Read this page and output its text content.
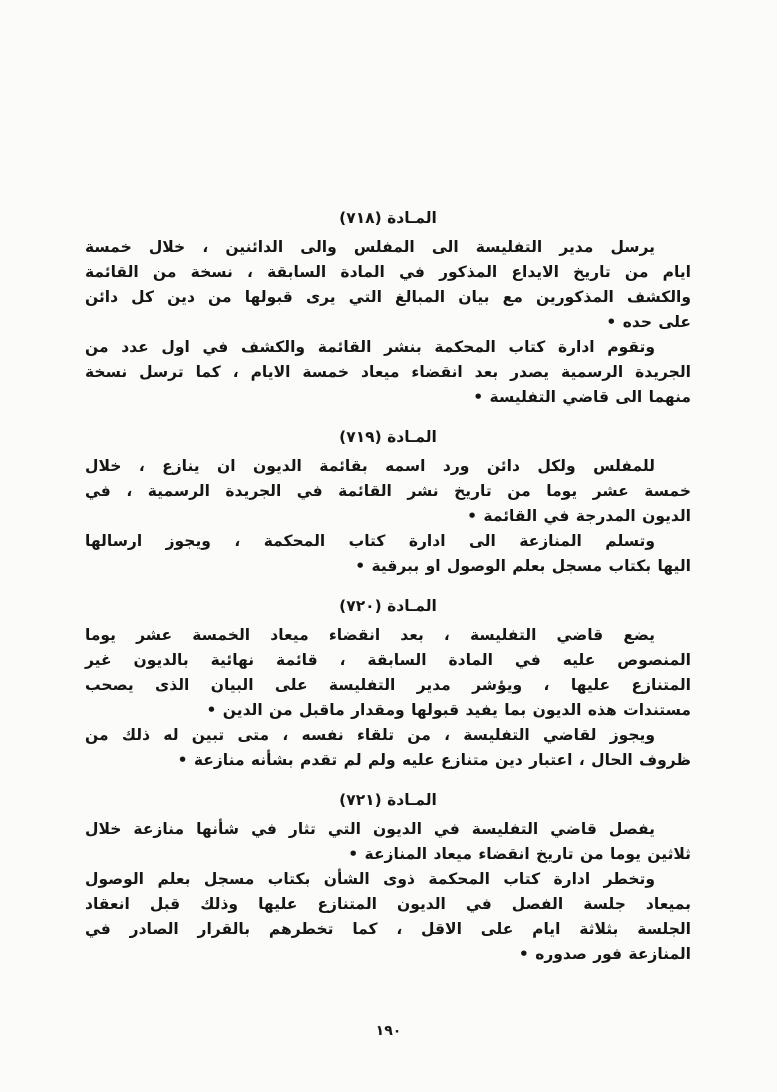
المـادة (٧١٨)
يرسل مدير التفليسة الى المفلس والى الدائنين ، خلال خمسة
ايام من تاريخ الايداع المذكور في المادة السابقة ، نسخة من القائمة
والكشف المذكورين مع بيان المبالغ التي يرى قبولها من دين كل دائن
على حده •
وتقوم ادارة كتاب المحكمة بنشر القائمة والكشف في اول عدد من
الجريدة الرسمية يصدر بعد انقضاء ميعاد خمسة الايام ، كما ترسل نسخة
منهما الى قاضي التفليسة •
المـادة (٧١٩)
للمفلس ولكل دائن ورد اسمه بقائمة الديون ان ينازع ، خلال
خمسة عشر يوما من تاريخ نشر القائمة في الجريدة الرسمية ، في
الديون المدرجة في القائمة •
وتسلم المنازعة الى ادارة كتاب المحكمة ، ويجوز ارسالها
اليها بكتاب مسجل بعلم الوصول او ببرقية •
المـادة (٧٢٠)
يضع قاضي التفليسة ، بعد انقضاء ميعاد الخمسة عشر يوما
المنصوص عليه في المادة السابقة ، قائمة نهائية بالديون غير
المتنازع عليها ، ويؤشر مدير التفليسة على البيان الذى يصحب
مستندات هذه الديون بما يفيد قبولها ومقدار ماقبل من الدين •
ويجوز لقاضي التفليسة ، من تلقاء نفسه ، متى تبين له ذلك من
ظروف الحال ، اعتبار دين متنازع عليه ولم لم تقدم بشأنه منازعة •
المـادة (٧٢١)
يفصل قاضي التفليسة في الديون التي تثار في شأنها منازعة خلال
ثلاثين يوما من تاريخ انقضاء ميعاد المنازعة •
وتخطر ادارة كتاب المحكمة ذوى الشأن بكتاب مسجل بعلم الوصول
بميعاد جلسة الفصل في الديون المتنازع عليها وذلك قبل انعقاد
الجلسة بثلاثة ايام على الاقل ، كما تخطرهم بالقرار الصادر في
المنازعة فور صدوره •
١٩٠
